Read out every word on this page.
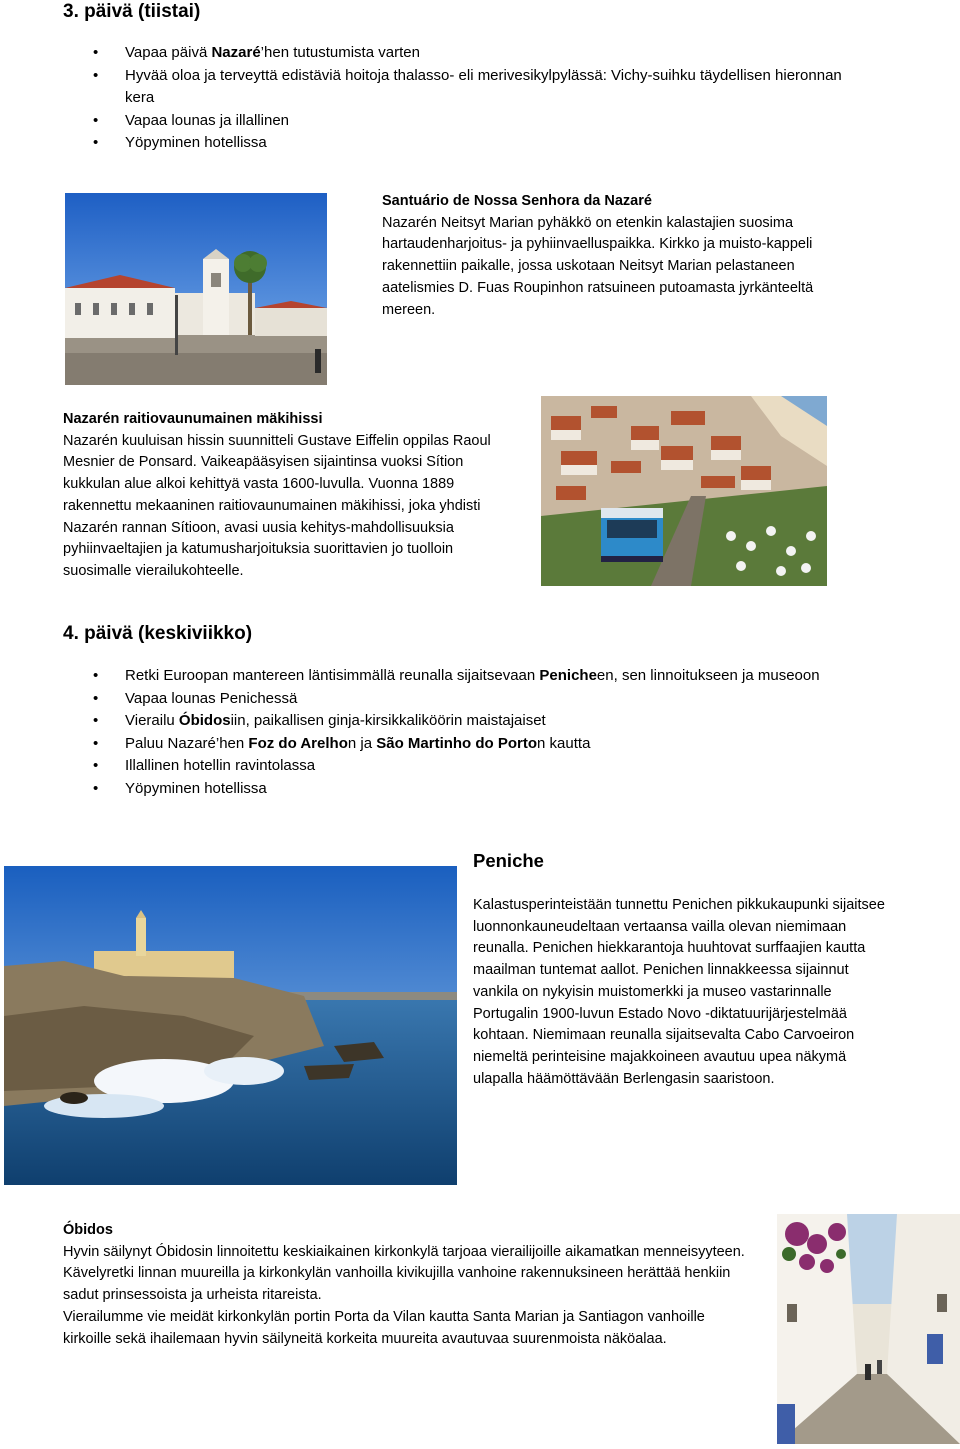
3. päivä (tiistai)
• Vapaa päivä Nazaré’hen tutustumista varten
• Hyvää oloa ja terveyttä edistäviä hoitoja thalasso- eli merivesikylpylässä: Vichy-suihku täydellisen hieronnan kera
• Vapaa lounas ja illallinen
• Yöpyminen hotellissa
Santuário de Nossa Senhora da Nazaré
Nazarén Neitsyt Marian pyhäkkö on etenkin kalastajien suosima hartaudenharjoitus- ja pyhiinvaelluspaikka. Kirkko ja muisto-kappeli rakennettiin paikalle, jossa uskotaan Neitsyt Marian pelastaneen aatelismies D. Fuas Roupinhon ratsuineen putoamasta jyrkänteeltä mereen.
Nazarén raitiovaunumainen mäkihissi
Nazarén kuuluisan hissin suunnitteli Gustave Eiffelin oppilas Raoul Mesnier de Ponsard. Vaikeapääsyisen sijaintinsa vuoksi Sítion kukkulan alue alkoi kehittyä vasta 1600-luvulla. Vuonna 1889 rakennettu mekaaninen raitiovaunumainen mäkihissi, joka yhdisti Nazarén rannan Sítioon, avasi uusia kehitys-mahdollisuuksia pyhiinvaeltajien ja katumusharjoituksia suorittavien jo tuolloin suosimalle vierailukohteelle.
4. päivä (keskiviikko)
• Retki Euroopan mantereen läntisimmällä reunalla sijaitsevaan Penicheen, sen linnoitukseen ja museoon
• Vapaa lounas Penichessä
• Vierailu Óbidosiin, paikallisen ginja-kirsikkaliköörin maistajaiset
• Paluu Nazaré’hen Foz do Arelhon ja São Martinho do Porton kautta
• Illallinen hotellin ravintolassa
• Yöpyminen hotellissa
Peniche
Kalastusperinteistään tunnettu Penichen pikkukaupunki sijaitsee luonnonkauneudeltaan vertaansa vailla olevan niemimaan reunalla. Penichen hiekkarantoja huuhtovat surffaajien kautta maailman tuntemat aallot. Penichen linnakkeessa sijainnut vankila on nykyisin muistomerkki ja museo vastarinnalle Portugalin 1900-luvun Estado Novo -diktatuurijärjestelmää kohtaan. Niemimaan reunalla sijaitsevalta Cabo Carvoeiron niemeltä perinteisine majakkoineen avautuu upea näkymä ulapalla häämöttävään Berlengasin saaristoon.
Óbidos
Hyvin säilynyt Óbidosin linnoitettu keskiaikainen kirkonkylä tarjoaa vierailijoille aikamatkan menneisyyteen. Kävelyretki linnan muureilla ja kirkonkylän vanhoilla kivikujilla vanhoine rakennuksineen herättää henkiin sadut prinsessoista ja urheista ritareista.
Vierailumme vie meidät kirkonkylän portin Porta da Vilan kautta Santa Marian ja Santiagon vanhoille kirkoille sekä ihailemaan hyvin säilyneitä korkeita muureita avautuvaa suurenmoista näköalaa.
